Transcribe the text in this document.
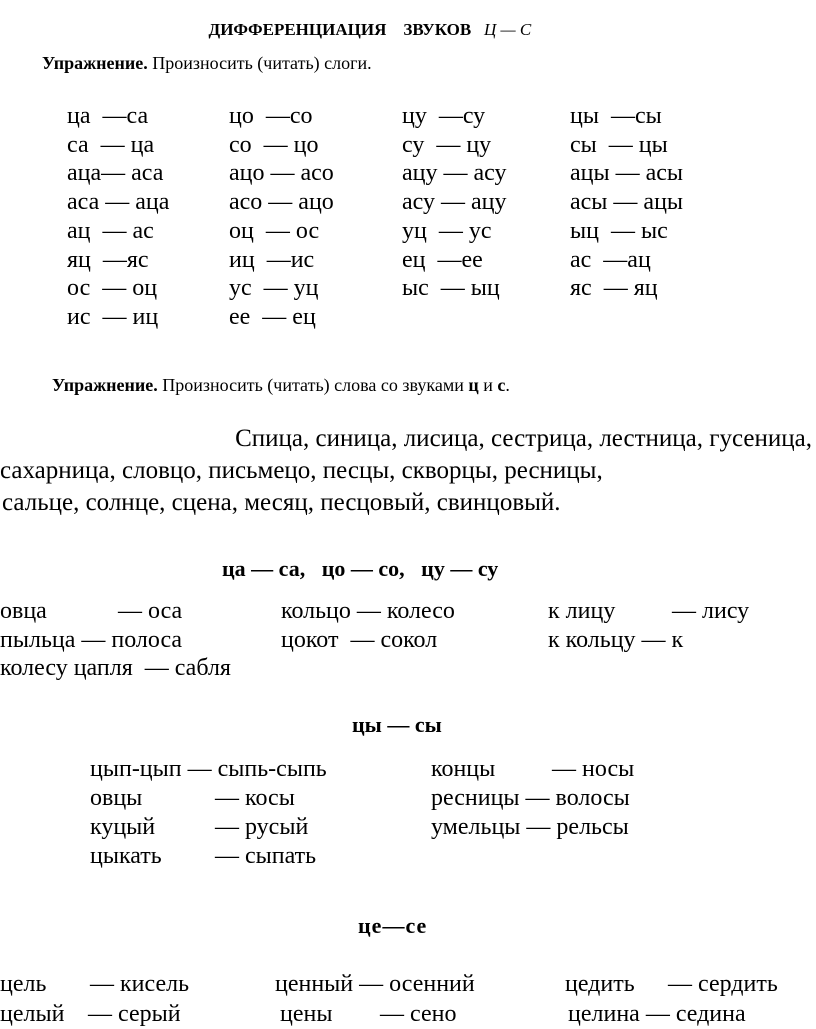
ДИФФЕРЕНЦИАЦИЯ    ЗВУКОВ Ц — С

Упражнение. Произносить (читать) слоги.
ца  —са	цо  —со	цу  —су	цы  —сы
са  — ца	со  — цо	су  — цу	сы  — цы
аца— аса	ацо — асо	ацу — асу	ацы — асы
аса — аца асо — ацо	асу — ацу	асы — ацы
ац  — ас	оц  — ос	уц  — ус	ыц  — ыс
яц  —яс	иц  —ис	ец  —ее	ас  —ац
ос  — оц	ус  — уц	ыс  — ыц	яс  — яц
ис  — иц	ее  — ец
Упражнение. Произносить (читать) слова со звуками ц и с.

Спица, синица, лисица, сестрица, лестница, гусеница,

сахарница, словцо, письмецо, песцы, скворцы, ресницы,

сальце, солнце, сцена, месяц, песцовый, свинцовый.

ца — са,   цо — со,   цу — су
овца	— оса	кольцо — колесо	к лицу — лису
пыльца — полоса	цокот  — сокол	к кольцу — к
колесу цапля  — сабля
цы — сы
цып-цып — сыпь-сыпь	концы — носы
овцы	— косы	ресницы — волосы
куцый — русый	умельцы — рельсы
цыкать — сыпать
це—се
цель — кисель	ценный — осенний	цедить — сердить
целый — серый	цены — сено	целина — седина
